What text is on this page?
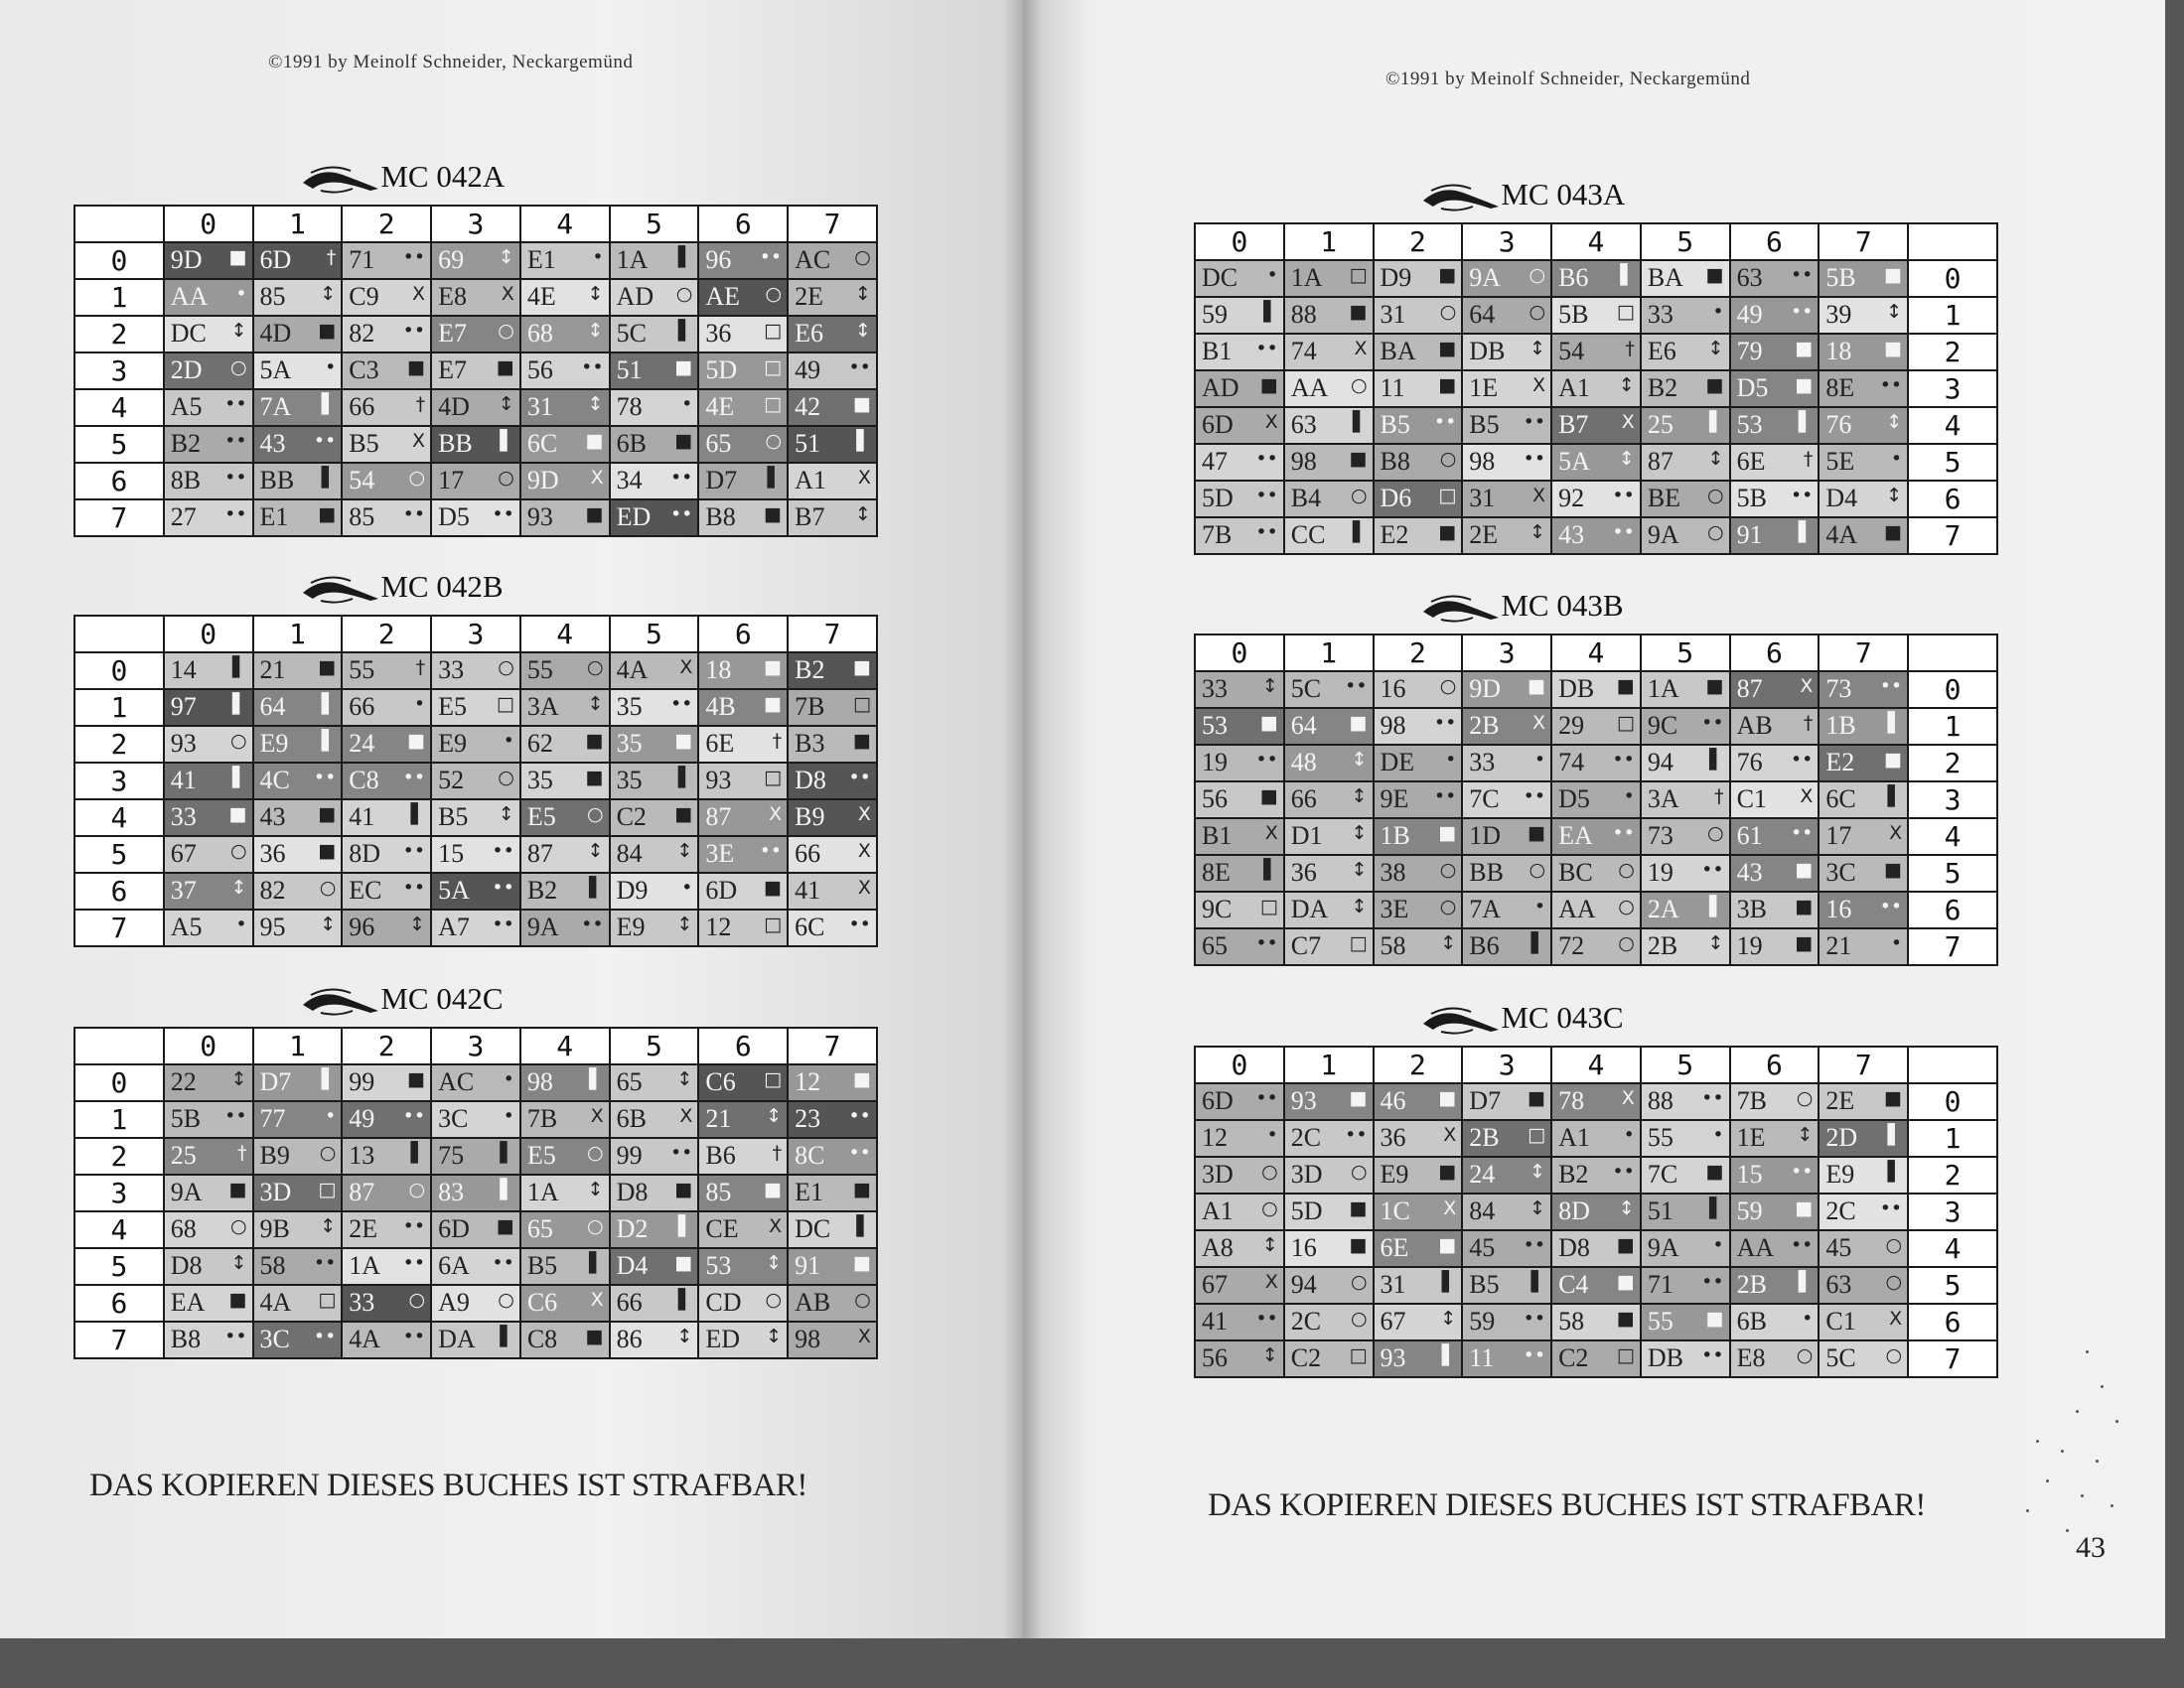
©1991 by Meinolf Schneider, Neckargemünd
DAS KOPIEREN DIESES BUCHES IST STRAFBAR!
©1991 by Meinolf Schneider, Neckargemünd
DAS KOPIEREN DIESES BUCHES IST STRAFBAR!
43
MC 042A
	0	1	2	3	4	5	6	7
0	9D ■	6D †	71 ••	69 ↕	E1 •	1A ▌	96 ••	AC ○

1	AA •	85 ↕	C9 X	E8 X	4E ↕	AD ○	AE ○	2E ↕

2	DC ↕	4D ■	82 ••	E7 ○	68 ↕	5C ▌	36 □	E6 ↕

3	2D ○	5A •	C3 ■	E7 ■	56 ••	51 ■	5D □	49 ••

4	A5 ••	7A ▌	66 †	4D ↕	31 ↕	78 •	4E □	42 ■

5	B2 ••	43 ••	B5 X	BB ▌	6C ■	6B ■	65 ○	51 ▌

6	8B ••	BB ▌	54 ○	17 ○	9D X	34 ••	D7 ▌	A1 X

7	27 ••	E1 ■	85 ••	D5 ••	93 ■	ED ••	B8 ■	B7 ↕
MC 042B
	0	1	2	3	4	5	6	7
0	14 ▌	21 ■	55 †	33 ○	55 ○	4A X	18 ■	B2 ■

1	97 ▌	64 ▌	66 •	E5 □	3A ↕	35 ••	4B ■	7B □

2	93 ○	E9 ▌	24 ■	E9 •	62 ■	35 ■	6E †	B3 ■

3	41 ▌	4C ••	C8 ••	52 ○	35 ■	35 ▌	93 □	D8 ••

4	33 ■	43 ■	41 ▌	B5 ↕	E5 ○	C2 ■	87 X	B9 X

5	67 ○	36 ■	8D ••	15 ••	87 ↕	84 ↕	3E ••	66 X

6	37 ↕	82 ○	EC ••	5A ••	B2 ▌	D9 •	6D ■	41 X

7	A5 •	95 ↕	96 ↕	A7 ••	9A ••	E9 ↕	12 □	6C ••
MC 042C
	0	1	2	3	4	5	6	7
0	22 ↕	D7 ▌	99 ■	AC •	98 ▌	65 ↕	C6 □	12 ■

1	5B ••	77 •	49 ••	3C •	7B X	6B X	21 ↕	23 ••

2	25 †	B9 ○	13 ▌	75 ▌	E5 ○	99 ••	B6 †	8C ••

3	9A ■	3D □	87 ○	83 ▌	1A ↕	D8 ■	85 ■	E1 ■

4	68 ○	9B ↕	2E ••	6D ■	65 ○	D2 ▌	CE X	DC ▌

5	D8 ↕	58 ••	1A ••	6A ••	B5 ▌	D4 ■	53 ↕	91 ■

6	EA ■	4A □	33 ○	A9 ○	C6 X	66 ▌	CD ○	AB ○

7	B8 ••	3C ••	4A ••	DA ▌	C8 ■	86 ↕	ED ↕	98 X
MC 043A
0	1	2	3	4	5	6	7	

DC •	1A □	D9 ■	9A ○	B6 ▌	BA ■	63 ••	5B ■	0

59 ▌	88 ■	31 ○	64 ○	5B □	33 •	49 ••	39 ↕	1

B1 ••	74 X	BA ■	DB ↕	54 †	E6 ↕	79 ■	18 ■	2

AD ■	AA ○	11 ■	1E X	A1 ↕	B2 ■	D5 ■	8E ••	3

6D X	63 ▌	B5 ••	B5 ••	B7 X	25 ▌	53 ▌	76 ↕	4

47 ••	98 ■	B8 ○	98 ••	5A ↕	87 ↕	6E †	5E •	5

5D ••	B4 ○	D6 □	31 X	92 ••	BE ○	5B ••	D4 ↕	6

7B ••	CC ▌	E2 ■	2E ↕	43 ••	9A ○	91 ▌	4A ■	7
MC 043B
0	1	2	3	4	5	6	7	

33 ↕	5C ••	16 ○	9D ■	DB ■	1A ■	87 X	73 ••	0

53 ■	64 ■	98 ••	2B X	29 □	9C ••	AB †	1B ▌	1

19 ••	48 ↕	DE •	33 •	74 ••	94 ▌	76 ••	E2 ■	2

56 ■	66 ↕	9E ••	7C ••	D5 •	3A †	C1 X	6C ▌	3

B1 X	D1 ↕	1B ■	1D ■	EA ••	73 ○	61 ••	17 X	4

8E ▌	36 ↕	38 ○	BB ○	BC ○	19 ••	43 ■	3C ■	5

9C □	DA ↕	3E ○	7A •	AA ○	2A ▌	3B ■	16 ••	6

65 ••	C7 □	58 ↕	B6 ▌	72 ○	2B ↕	19 ■	21 •	7
MC 043C
0	1	2	3	4	5	6	7	

6D ••	93 ■	46 ■	D7 ■	78 X	88 ••	7B ○	2E ■	0

12 •	2C ••	36 X	2B □	A1 •	55 •	1E ↕	2D ▌	1

3D ○	3D ○	E9 ■	24 ↕	B2 ••	7C ■	15 ••	E9 ▌	2

A1 ○	5D ■	1C X	84 ↕	8D ↕	51 ▌	59 ■	2C ••	3

A8 ↕	16 ■	6E ■	45 ••	D8 ■	9A •	AA ••	45 ○	4

67 X	94 ○	31 ▌	B5 ▌	C4 ■	71 ••	2B ▌	63 ○	5

41 ••	2C ○	67 ↕	59 ••	58 ■	55 ■	6B •	C1 X	6

56 ↕	C2 □	93 ▌	11 ••	C2 □	DB ••	E8 ○	5C ○	7
